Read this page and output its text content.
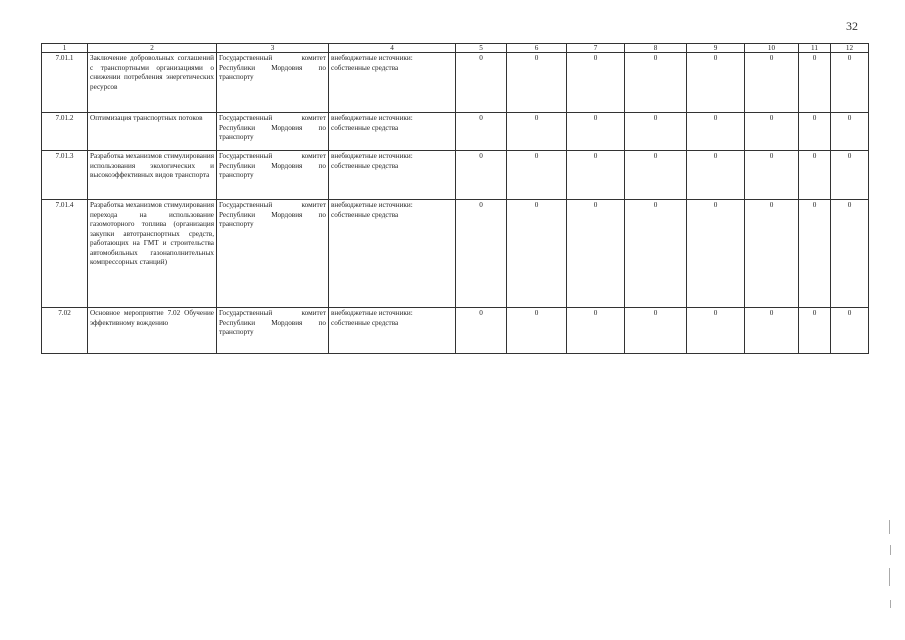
32
1	2	3	4	5	6	7	8	9	10	11	12
7.01.1	Заключение добровольных соглашений с транспортными организациями о снижении потребления энергетических ресурсов	Государственный комитет Республики Мордовия по транспорту	внебюджетные источники: собственные средства	0	0	0	0	0	0	0	0
7.01.2	Оптимизация транспортных потоков	Государственный комитет Республики Мордовия по транспорту	внебюджетные источники: собственные средства	0	0	0	0	0	0	0	0
7.01.3	Разработка механизмов стимулирования использования экологических и высокоэффективных видов транспорта	Государственный комитет Республики Мордовия по транспорту	внебюджетные источники: собственные средства	0	0	0	0	0	0	0	0
7.01.4	Разработка механизмов стимулирования перехода на использование газомоторного топлива (организация закупки автотранспортных средств, работающих на ГМТ и строительства автомобильных газонаполнительных компрессорных станций)	Государственный комитет Республики Мордовия по транспорту	внебюджетные источники: собственные средства	0	0	0	0	0	0	0	0
7.02	Основное мероприятие 7.02 Обучение эффективному вождению	Государственный комитет Республики Мордовия по транспорту	внебюджетные источники: собственные средства	0	0	0	0	0	0	0	0
